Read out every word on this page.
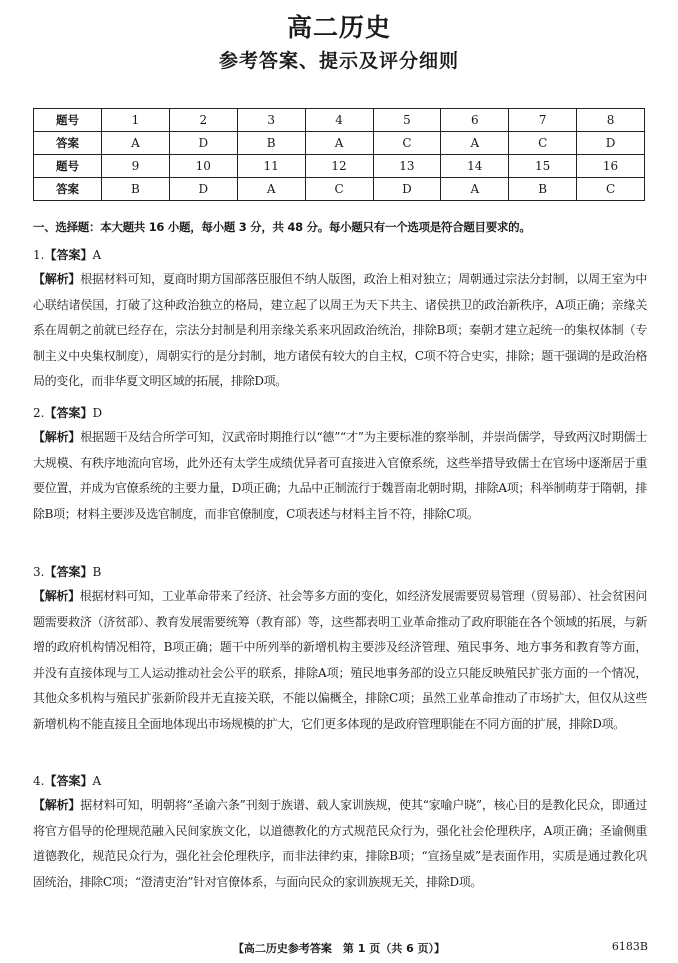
高二历史
参考答案、提示及评分细则
题号	1	2	3	4	5	6	7	8
答案	A	D	B	A	C	A	C	D
题号	9	10	11	12	13	14	15	16
答案	B	D	A	C	D	A	B	C
一、选择题：本大题共 16 小题，每小题 3 分，共 48 分。每小题只有一个选项是符合题目要求的。
1.【答案】A
【解析】根据材料可知，夏商时期方国部落臣服但不纳人版图，政治上相对独立；周朝通过宗法分封制，以周王室为中心联结诸侯国，打破了这种政治独立的格局，建立起了以周王为天下共主、诸侯拱卫的政治新秩序，A项正确；亲缘关系在周朝之前就已经存在，宗法分封制是利用亲缘关系来巩固政治统治，排除B项；秦朝才建立起统一的集权体制（专制主义中央集权制度），周朝实行的是分封制，地方诸侯有较大的自主权，C项不符合史实，排除；题干强调的是政治格局的变化，而非华夏文明区域的拓展，排除D项。
2.【答案】D
【解析】根据题干及结合所学可知，汉武帝时期推行以“德”“才”为主要标准的察举制，并崇尚儒学，导致两汉时期儒士大规模、有秩序地流向官场，此外还有太学生成绩优异者可直接进入官僚系统，这些举措导致儒士在官场中逐渐居于重要位置，并成为官僚系统的主要力量，D项正确；九品中正制流行于魏晋南北朝时期，排除A项；科举制萌芽于隋朝，排除B项；材料主要涉及选官制度，而非官僚制度，C项表述与材料主旨不符，排除C项。
3.【答案】B
【解析】根据材料可知，工业革命带来了经济、社会等多方面的变化，如经济发展需要贸易管理（贸易部）、社会贫困问题需要救济（济贫部）、教育发展需要统筹（教育部）等，这些都表明工业革命推动了政府职能在各个领域的拓展，与新增的政府机构情况相符，B项正确；题干中所列举的新增机构主要涉及经济管理、殖民事务、地方事务和教育等方面，并没有直接体现与工人运动推动社会公平的联系，排除A项；殖民地事务部的设立只能反映殖民扩张方面的一个情况，其他众多机构与殖民扩张新阶段并无直接关联，不能以偏概全，排除C项；虽然工业革命推动了市场扩大，但仅从这些新增机构不能直接且全面地体现出市场规模的扩大，它们更多体现的是政府管理职能在不同方面的扩展，排除D项。
4.【答案】A
【解析】据材料可知，明朝将“圣谕六条”刊刻于族谱、载人家训族规，使其“家喻户晓”，核心目的是教化民众，即通过将官方倡导的伦理规范融入民间家族文化，以道德教化的方式规范民众行为，强化社会伦理秩序，A项正确；圣谕侧重道德教化，规范民众行为，强化社会伦理秩序，而非法律约束，排除B项；“宣扬皇威”是表面作用，实质是通过教化巩固统治，排除C项；“澄清吏治”针对官僚体系，与面向民众的家训族规无关，排除D项。
【高二历史参考答案　第 1 页（共 6 页）】	6183B
